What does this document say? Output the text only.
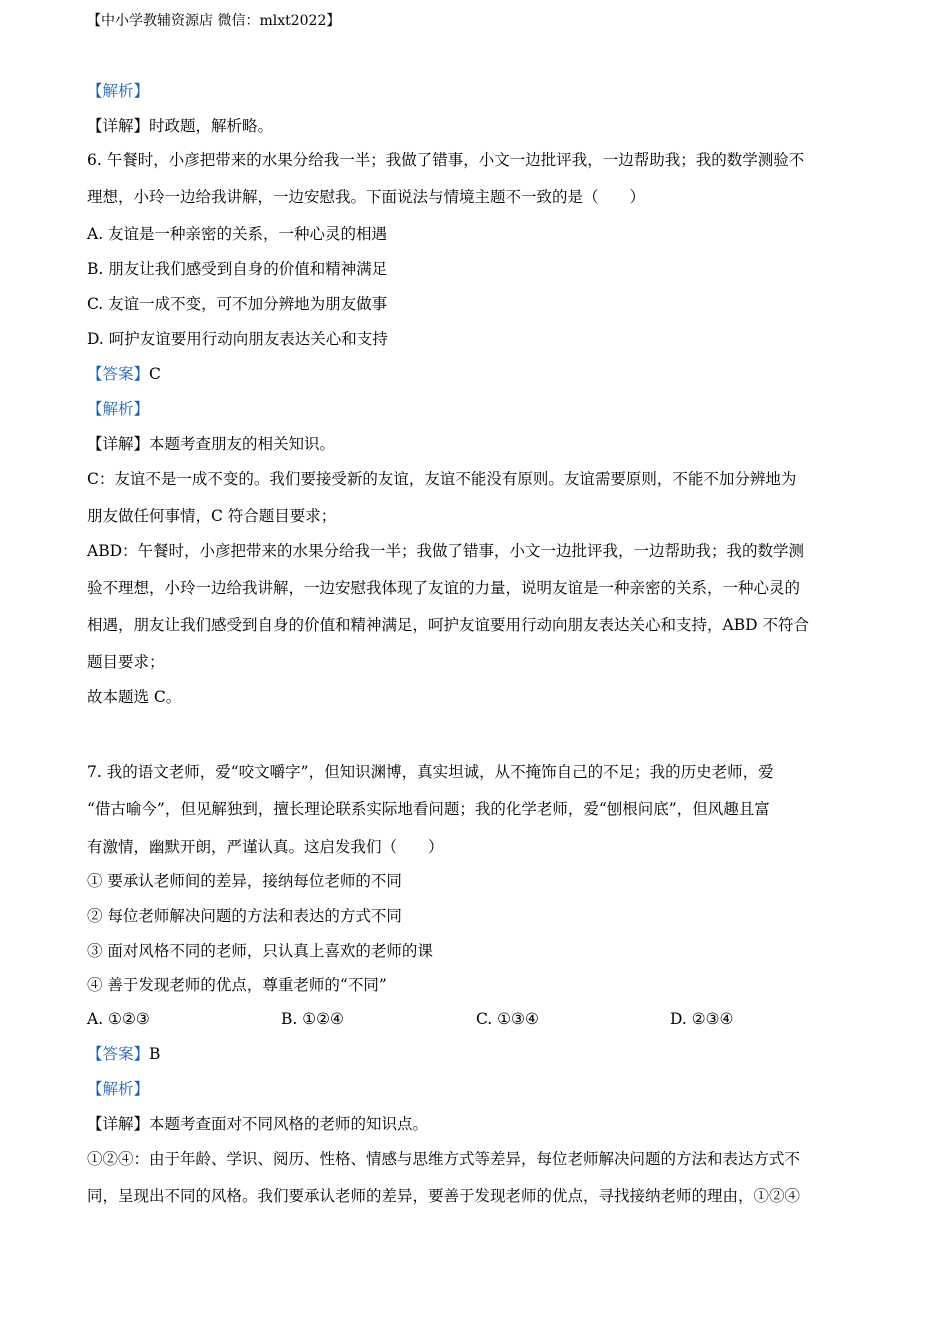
【中小学教辅资源店 微信：mlxt2022】
【解析】
【详解】时政题，解析略。
6. 午餐时，小彦把带来的水果分给我一半；我做了错事，小文一边批评我，一边帮助我；我的数学测验不
理想，小玲一边给我讲解，一边安慰我。下面说法与情境主题不一致的是（　　）
A. 友谊是一种亲密的关系，一种心灵的相遇
B. 朋友让我们感受到自身的价值和精神满足
C. 友谊一成不变，可不加分辨地为朋友做事
D. 呵护友谊要用行动向朋友表达关心和支持
【答案】C
【解析】
【详解】本题考查朋友的相关知识。
C：友谊不是一成不变的。我们要接受新的友谊，友谊不能没有原则。友谊需要原则，不能不加分辨地为
朋友做任何事情，C 符合题目要求；
ABD：午餐时，小彦把带来的水果分给我一半；我做了错事，小文一边批评我，一边帮助我；我的数学测
验不理想，小玲一边给我讲解，一边安慰我体现了友谊的力量，说明友谊是一种亲密的关系，一种心灵的
相遇，朋友让我们感受到自身的价值和精神满足，呵护友谊要用行动向朋友表达关心和支持，ABD 不符合
题目要求；
故本题选 C。
7. 我的语文老师，爱“咬文嚼字”，但知识渊博，真实坦诚，从不掩饰自己的不足；我的历史老师，爱
“借古喻今”，但见解独到，擅长理论联系实际地看问题；我的化学老师，爱“刨根问底”，但风趣且富
有激情，幽默开朗，严谨认真。这启发我们（　　）
① 要承认老师间的差异，接纳每位老师的不同
② 每位老师解决问题的方法和表达的方式不同
③ 面对风格不同的老师，只认真上喜欢的老师的课
④ 善于发现老师的优点，尊重老师的“不同”
A. ①②③	B. ①②④	C. ①③④	D. ②③④
【答案】B
【解析】
【详解】本题考查面对不同风格的老师的知识点。
①②④：由于年龄、学识、阅历、性格、情感与思维方式等差异，每位老师解决问题的方法和表达方式不
同，呈现出不同的风格。我们要承认老师的差异，要善于发现老师的优点，寻找接纳老师的理由，①②④
